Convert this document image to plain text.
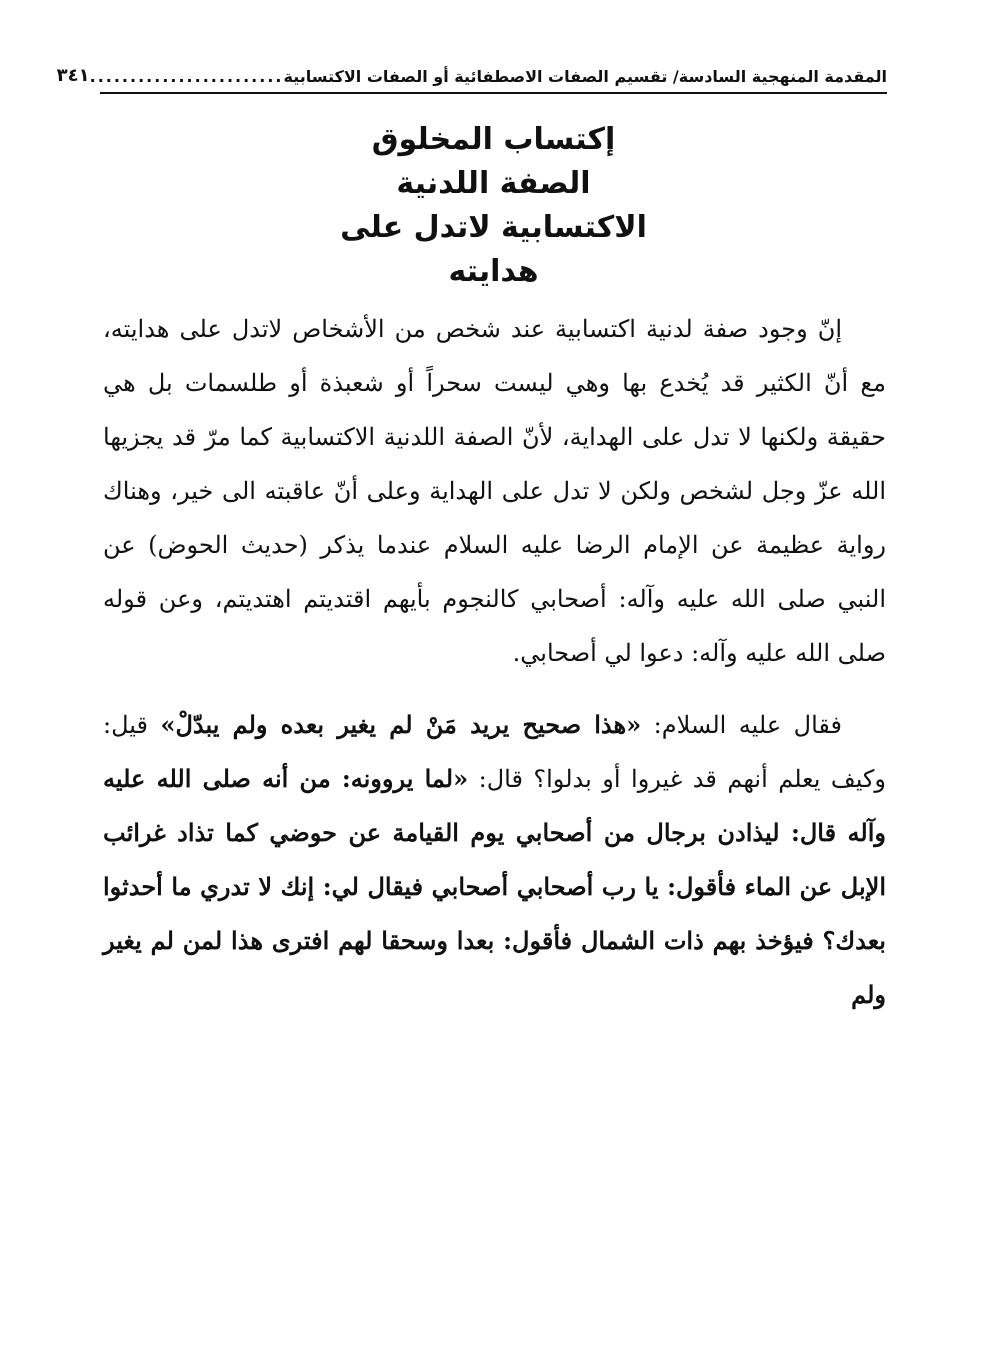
المقدمة المنهجية السادسة/ تقسيم الصفات الاصطفائية أو الصفات الاكتسابية
........................
٣٤١
إكتساب المخلوق
الصفة اللدنية
الاكتسابية لاتدل على
هدايته

إنّ وجود صفة لدنية اكتسابية عند شخص من الأشخاص لاتدل على هدايته، مع أنّ الكثير قد يُخدع بها وهي ليست سحراً أو شعبذة أو طلسمات بل هي حقيقة ولكنها لا تدل على الهداية، لأنّ الصفة اللدنية الاكتسابية كما مرّ قد يجزيها الله عزّ وجل لشخص ولكن لا تدل على الهداية وعلى أنّ عاقبته الى خير، وهناك رواية عظيمة عن الإمام الرضا عليه السلام عندما يذكر (حديث الحوض) عن النبي صلى الله عليه وآله: أصحابي كالنجوم بأيهم اقتديتم اهتديتم، وعن قوله صلى الله عليه وآله: دعوا لي أصحابي.

فقال عليه السلام: «هذا صحيح يريد مَنْ لم يغير بعده ولم يبدّلْ» قيل: وكيف يعلم أنهم قد غيروا أو بدلوا؟ قال: «لما يروونه: من أنه صلى الله عليه وآله قال: ليذادن برجال من أصحابي يوم القيامة عن حوضي كما تذاد غرائب الإبل عن الماء فأقول: يا رب أصحابي أصحابي فيقال لي: إنك لا تدري ما أحدثوا بعدك؟ فيؤخذ بهم ذات الشمال فأقول: بعدا وسحقا لهم افترى هذا لمن لم يغير ولم
